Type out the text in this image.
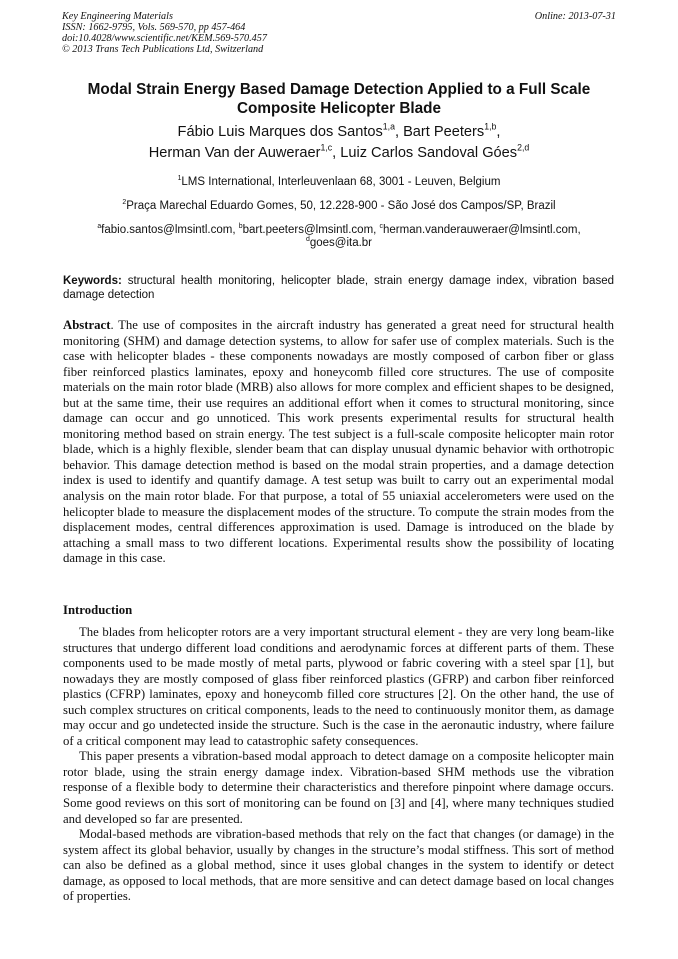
Key Engineering Materials
ISSN: 1662-9795, Vols. 569-570, pp 457-464
doi:10.4028/www.scientific.net/KEM.569-570.457
© 2013 Trans Tech Publications Ltd, Switzerland
Online: 2013-07-31
Modal Strain Energy Based Damage Detection Applied to a Full Scale
Composite Helicopter Blade
Fábio Luis Marques dos Santos$^{1,a}$, Bart Peeters$^{1,b}$,
Herman Van der Auweraer$^{1,c}$, Luiz Carlos Sandoval Góes$^{2,d}$
$^1$LMS International, Interleuvenlaan 68, 3001 - Leuven, Belgium
$^2$Praça Marechal Eduardo Gomes, 50, 12.228-900 - São José dos Campos/SP, Brazil
$^a$fabio.santos@lmsintl.com, $^b$bart.peeters@lmsintl.com, $^c$herman.vanderauweraer@lmsintl.com,
$^d$goes@ita.br
Keywords: structural health monitoring, helicopter blade, strain energy damage index, vibration based damage detection
Abstract. The use of composites in the aircraft industry has generated a great need for structural health monitoring (SHM) and damage detection systems, to allow for safer use of complex materials. Such is the case with helicopter blades - these components nowadays are mostly composed of carbon fiber or glass fiber reinforced plastics laminates, epoxy and honeycomb filled core structures. The use of composite materials on the main rotor blade (MRB) also allows for more complex and efficient shapes to be designed, but at the same time, their use requires an additional effort when it comes to structural monitoring, since damage can occur and go unnoticed. This work presents experimental results for structural health monitoring method based on strain energy. The test subject is a full-scale composite helicopter main rotor blade, which is a highly flexible, slender beam that can display unusual dynamic behavior with orthotropic behavior. This damage detection method is based on the modal strain properties, and a damage detection index is used to identify and quantify damage. A test setup was built to carry out an experimental modal analysis on the main rotor blade. For that purpose, a total of 55 uniaxial accelerometers were used on the helicopter blade to measure the displacement modes of the structure. To compute the strain modes from the displacement modes, central differences approximation is used. Damage is introduced on the blade by attaching a small mass to two different locations. Experimental results show the possibility of locating damage in this case.
Introduction

The blades from helicopter rotors are a very important structural element - they are very long beam-like structures that undergo different load conditions and aerodynamic forces at different parts of them. These components used to be made mostly of metal parts, plywood or fabric covering with a steel spar [1], but nowadays they are mostly composed of glass fiber reinforced plastics (GFRP) and carbon fiber reinforced plastics (CFRP) laminates, epoxy and honeycomb filled core structures [2]. On the other hand, the use of such complex structures on critical components, leads to the need to continuously monitor them, as damage may occur and go undetected inside the structure. Such is the case in the aeronautic industry, where failure of a critical component may lead to catastrophic safety consequences.

This paper presents a vibration-based modal approach to detect damage on a composite helicopter main rotor blade, using the strain energy damage index. Vibration-based SHM methods use the vibration response of a flexible body to determine their characteristics and therefore pinpoint where damage occurs. Some good reviews on this sort of monitoring can be found on [3] and [4], where many techniques studied and developed so far are presented.

Modal-based methods are vibration-based methods that rely on the fact that changes (or damage) in the system affect its global behavior, usually by changes in the structure’s modal stiffness. This sort of method can also be defined as a global method, since it uses global changes in the system to identify or detect damage, as opposed to local methods, that are more sensitive and can detect damage based on local changes of properties.
